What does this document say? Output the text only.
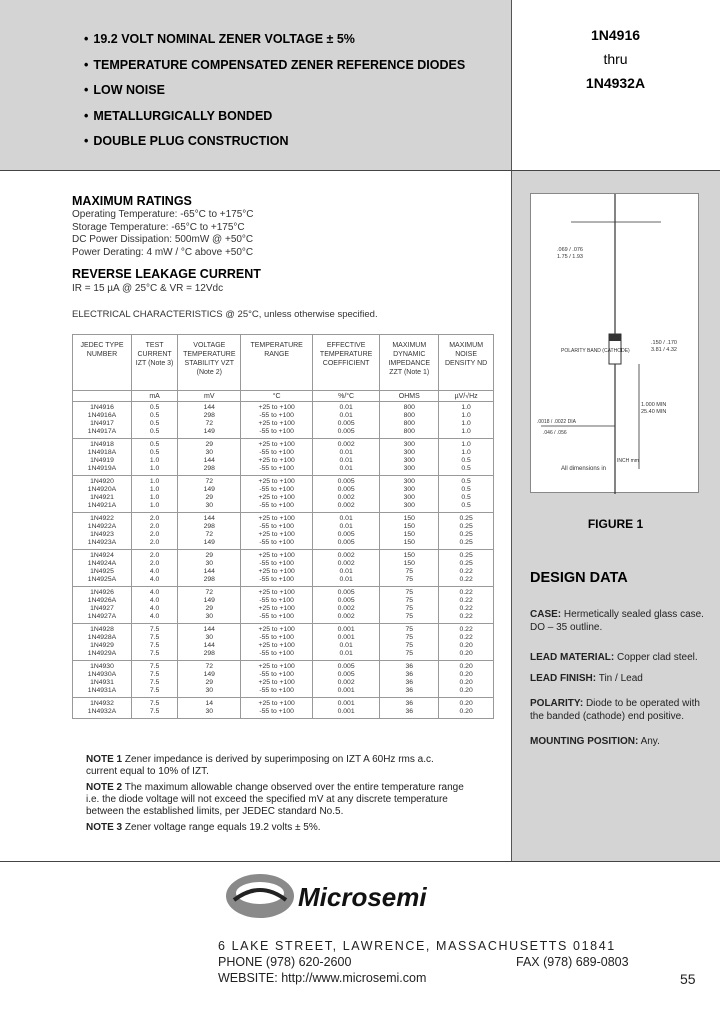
• 19.2 VOLT NOMINAL ZENER VOLTAGE ± 5%
• TEMPERATURE COMPENSATED ZENER REFERENCE DIODES
• LOW NOISE
• METALLURGICALLY BONDED
• DOUBLE PLUG CONSTRUCTION
1N4916
thru
1N4932A
MAXIMUM RATINGS
Operating Temperature: -65°C to +175°C
Storage Temperature: -65°C to +175°C
DC Power Dissipation: 500mW @ +50°C
Power Derating: 4 mW / °C above +50°C
REVERSE LEAKAGE CURRENT
IR = 15 µA @ 25°C & VR = 12Vdc
ELECTRICAL CHARACTERISTICS @ 25°C, unless otherwise specified.
JEDEC TYPE NUMBER	TEST CURRENT IZT (Note 3)	VOLTAGE TEMPERATURE STABILITY VZT (Note 2)	TEMPERATURE RANGE	EFFECTIVE TEMPERATURE COEFFICIENT	MAXIMUM DYNAMIC IMPEDANCE ZZT (Note 1)	MAXIMUM NOISE DENSITY ND
	mA	mV	°C	%/°C	OHMS	µV/√Hz
1N4916	0.5	144	+25 to +100	0.01	800	1.0
1N4916A	0.5	298	-55 to +100	0.01	800	1.0
1N4917	0.5	72	+25 to +100	0.005	800	1.0
1N4917A	0.5	149	-55 to +100	0.005	800	1.0
1N4918	0.5	29	+25 to +100	0.002	300	1.0
1N4918A	0.5	30	-55 to +100	0.01	300	1.0
1N4919	1.0	144	+25 to +100	0.01	300	0.5
1N4919A	1.0	298	-55 to +100	0.01	300	0.5
1N4920	1.0	72	+25 to +100	0.005	300	0.5
1N4920A	1.0	149	-55 to +100	0.005	300	0.5
1N4921	1.0	29	+25 to +100	0.002	300	0.5
1N4921A	1.0	30	-55 to +100	0.002	300	0.5
1N4922	2.0	144	+25 to +100	0.01	150	0.25
1N4922A	2.0	298	-55 to +100	0.01	150	0.25
1N4923	2.0	72	+25 to +100	0.005	150	0.25
1N4923A	2.0	149	-55 to +100	0.005	150	0.25
1N4924	2.0	29	+25 to +100	0.002	150	0.25
1N4924A	2.0	30	-55 to +100	0.002	150	0.25
1N4925	4.0	144	+25 to +100	0.01	75	0.22
1N4925A	4.0	298	-55 to +100	0.01	75	0.22
1N4926	4.0	72	+25 to +100	0.005	75	0.22
1N4926A	4.0	149	-55 to +100	0.005	75	0.22
1N4927	4.0	29	+25 to +100	0.002	75	0.22
1N4927A	4.0	30	-55 to +100	0.002	75	0.22
1N4928	7.5	144	+25 to +100	0.001	75	0.22
1N4928A	7.5	30	-55 to +100	0.001	75	0.22
1N4929	7.5	144	+25 to +100	0.01	75	0.20
1N4929A	7.5	298	-55 to +100	0.01	75	0.20
1N4930	7.5	72	+25 to +100	0.005	36	0.20
1N4930A	7.5	149	-55 to +100	0.005	36	0.20
1N4931	7.5	29	+25 to +100	0.002	36	0.20
1N4931A	7.5	30	-55 to +100	0.001	36	0.20
1N4932	7.5	14	+25 to +100	0.001	36	0.20
1N4932A	7.5	30	-55 to +100	0.001	36	0.20
NOTE 1 Zener impedance is derived by superimposing on IZT A 60Hz rms a.c. current equal to 10% of IZT.
NOTE 2 The maximum allowable change observed over the entire temperature range i.e. the diode voltage will not exceed the specified mV at any discrete temperature between the established limits, per JEDEC standard No.5.
NOTE 3 Zener voltage range equals 19.2 volts ± 5%.
.069 / .076
1.75 / 1.93
POLARITY BAND (CATHODE)
.150 / .170
3.81 / 4.32
1.000 MIN
25.40 MIN
.0018 / .0022 DIA
.046 / .056
All dimensions in
INCH mm
FIGURE 1
DESIGN DATA
CASE: Hermetically sealed glass case. DO – 35 outline.
LEAD MATERIAL: Copper clad steel.
LEAD FINISH: Tin / Lead
POLARITY: Diode to be operated with the banded (cathode) end positive.
MOUNTING POSITION: Any.
Microsemi
6 LAKE STREET, LAWRENCE, MASSACHUSETTS 01841
PHONE (978) 620-2600	FAX (978) 689-0803
WEBSITE: http://www.microsemi.com	55
